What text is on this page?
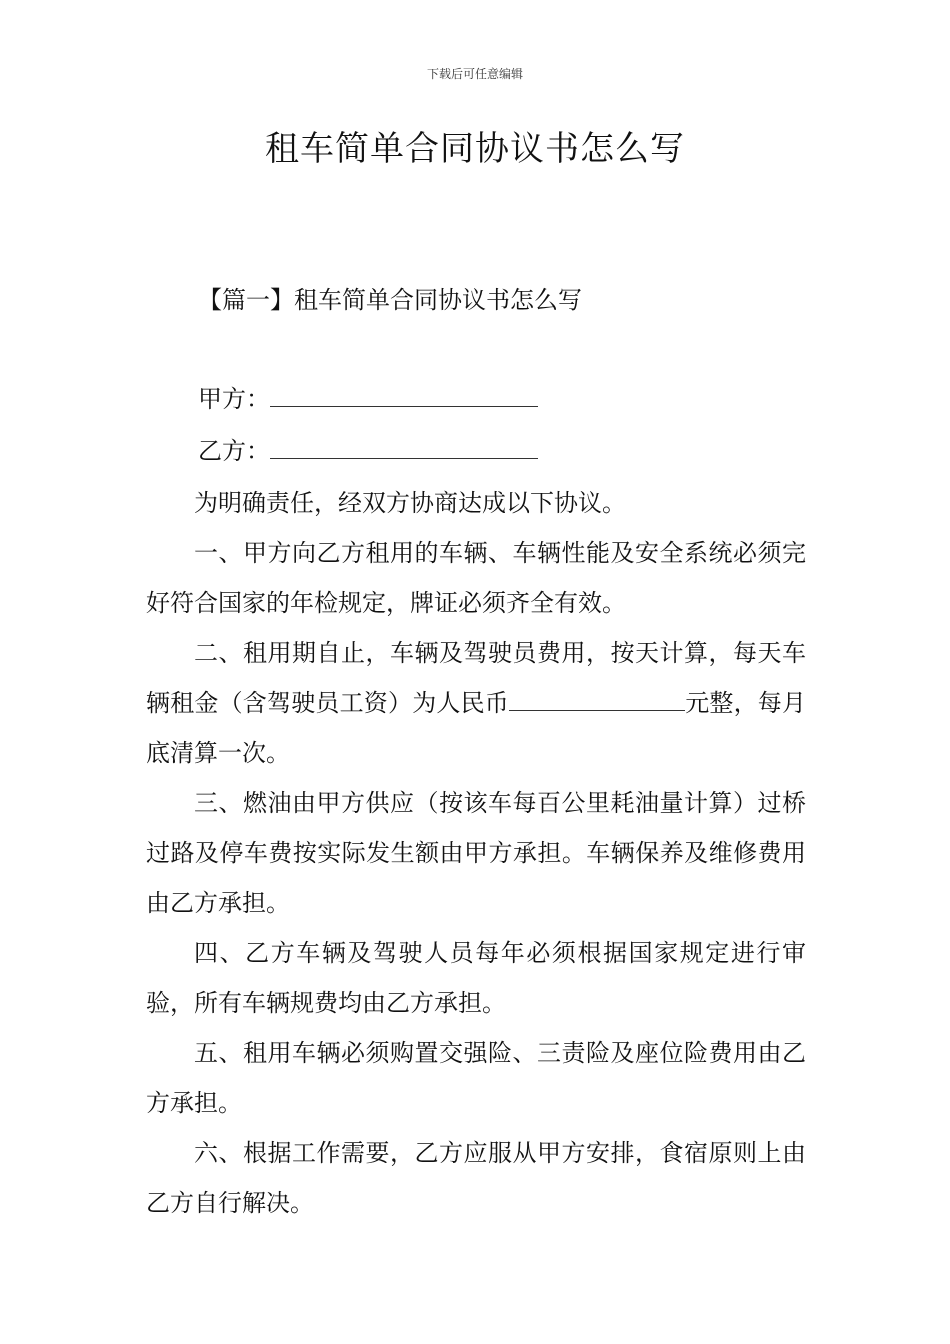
下载后可任意编辑
租车简单合同协议书怎么写
【篇一】租车简单合同协议书怎么写
甲方：
乙方：

为明确责任，经双方协商达成以下协议。

一、甲方向乙方租用的车辆、车辆性能及安全系统必须完好符合国家的年检规定，牌证必须齐全有效。

二、租用期自止，车辆及驾驶员费用，按天计算，每天车辆租金（含驾驶员工资）为人民币	元整，每月底清算一次。

三、燃油由甲方供应（按该车每百公里耗油量计算）过桥过路及停车费按实际发生额由甲方承担。车辆保养及维修费用由乙方承担。

四、乙方车辆及驾驶人员每年必须根据国家规定进行审验，所有车辆规费均由乙方承担。

五、租用车辆必须购置交强险、三责险及座位险费用由乙方承担。

六、根据工作需要，乙方应服从甲方安排，食宿原则上由乙方自行解决。
